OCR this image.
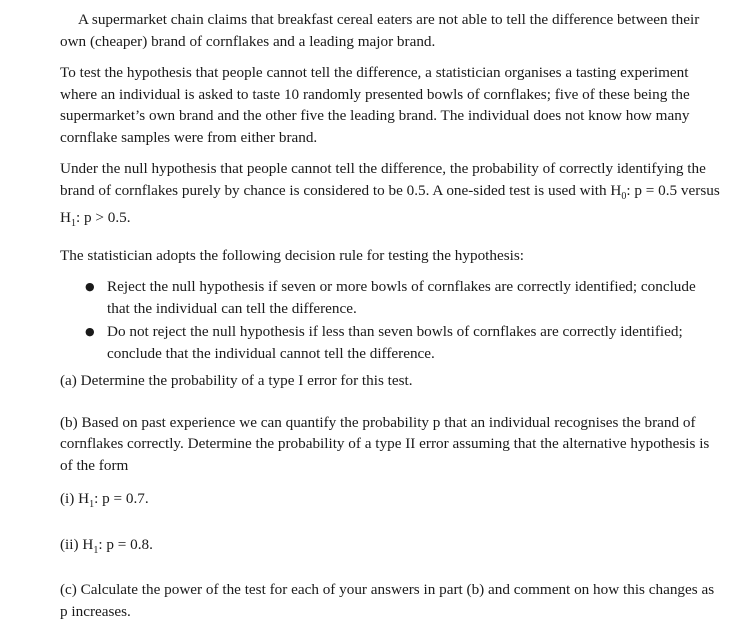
A supermarket chain claims that breakfast cereal eaters are not able to tell the difference between their own (cheaper) brand of cornflakes and a leading major brand.

To test the hypothesis that people cannot tell the difference, a statistician organises a tasting experiment where an individual is asked to taste 10 randomly presented bowls of cornflakes; five of these being the supermarket’s own brand and the other five the leading brand. The individual does not know how many cornflake samples were from either brand.

Under the null hypothesis that people cannot tell the difference, the probability of correctly identifying the brand of cornflakes purely by chance is considered to be 0.5. A one-sided test is used with $H_0$: p = 0.5 versus $H_1$: p > 0.5.

The statistician adopts the following decision rule for testing the hypothesis:

● Reject the null hypothesis if seven or more bowls of cornflakes are correctly identified; conclude that the individual can tell the difference.
● Do not reject the null hypothesis if less than seven bowls of cornflakes are correctly identified; conclude that the individual cannot tell the difference.

(a) Determine the probability of a type I error for this test.

(b) Based on past experience we can quantify the probability p that an individual recognises the brand of cornflakes correctly. Determine the probability of a type II error assuming that the alternative hypothesis is of the form

(i) $H_1$: p = 0.7.

(ii) $H_1$: p = 0.8.

(c) Calculate the power of the test for each of your answers in part (b) and comment on how this changes as p increases.
